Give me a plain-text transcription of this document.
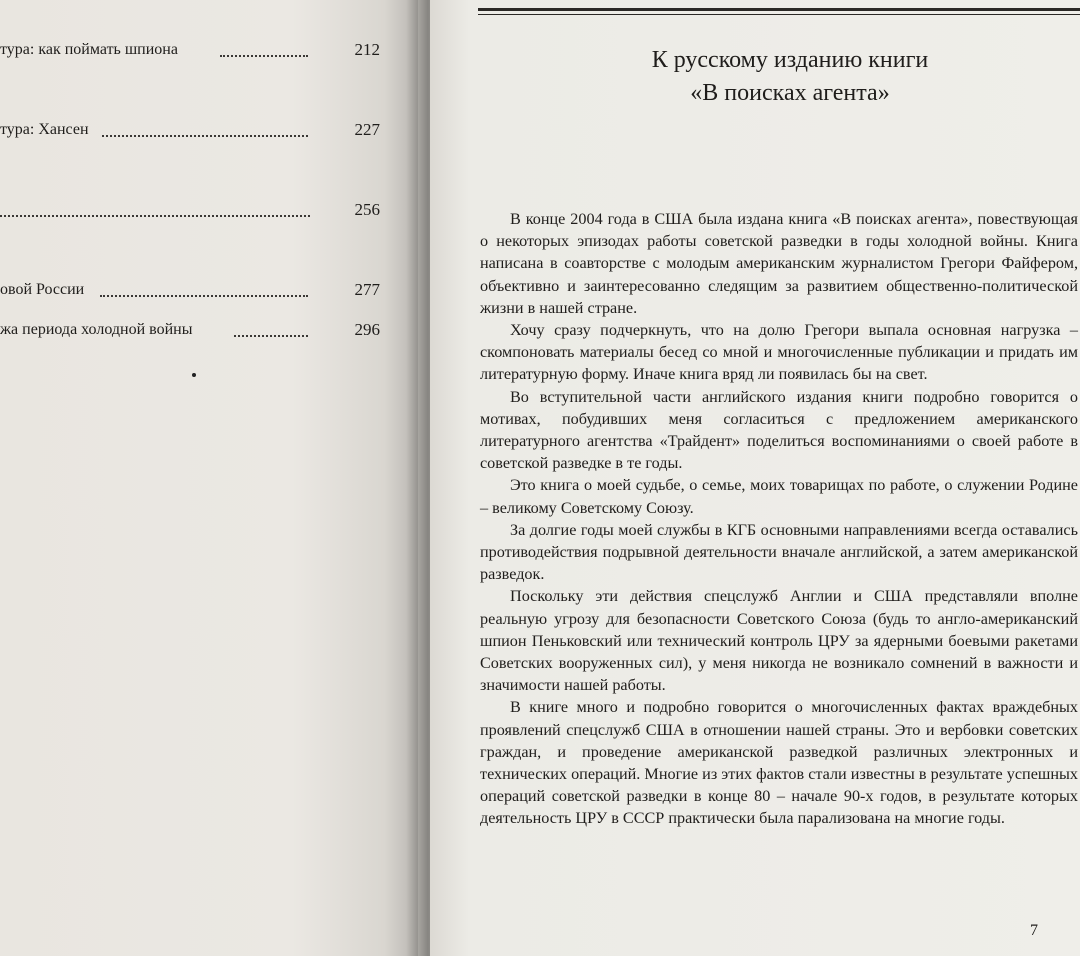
тура: как поймать шпиона	212
тура: Хансен	227
256
овой России	277
жа периода холодной войны	296
К русскому изданию книги
«В поисках агента»

В конце 2004 года в США была издана книга «В поисках агента», повествующая о некоторых эпизодах работы советской разведки в годы холодной войны. Книга написана в соавторстве с молодым американским журналистом Грегори Файфером, объективно и заинтересованно следящим за развитием общественно-политической жизни в нашей стране.

Хочу сразу подчеркнуть, что на долю Грегори выпала основная нагрузка – скомпоновать материалы бесед со мной и многочисленные публикации и придать им литературную форму. Иначе книга вряд ли появилась бы на свет.

Во вступительной части английского издания книги подробно говорится о мотивах, побудивших меня согласиться с предложением американского литературного агентства «Трайдент» поделиться воспоминаниями о своей работе в советской разведке в те годы.

Это книга о моей судьбе, о семье, моих товарищах по работе, о служении Родине – великому Советскому Союзу.

За долгие годы моей службы в КГБ основными направлениями всегда оставались противодействия подрывной деятельности вначале английской, а затем американской разведок.

Поскольку эти действия спецслужб Англии и США представляли вполне реальную угрозу для безопасности Советского Союза (будь то англо-американский шпион Пеньковский или технический контроль ЦРУ за ядерными боевыми ракетами Советских вооруженных сил), у меня никогда не возникало сомнений в важности и значимости нашей работы.

В книге много и подробно говорится о многочисленных фактах враждебных проявлений спецслужб США в отношении нашей страны. Это и вербовки советских граждан, и проведение американской разведкой различных электронных и технических операций. Многие из этих фактов стали известны в результате успешных операций советской разведки в конце 80 – начале 90-х годов, в результате которых деятельность ЦРУ в СССР практически была парализована на многие годы.

7
